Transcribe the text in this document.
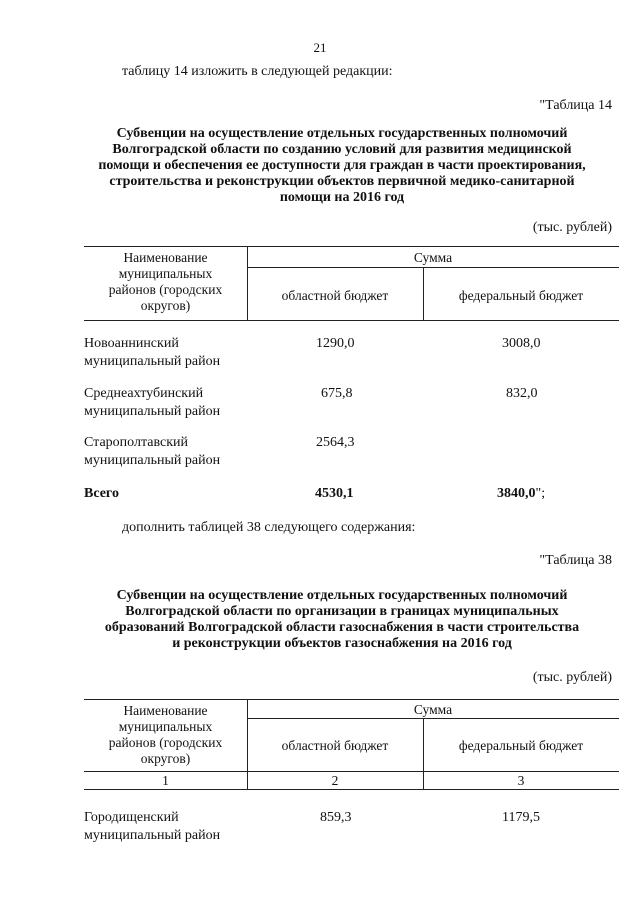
21
таблицу 14 изложить в следующей редакции:
"Таблица 14
Субвенции на осуществление отдельных государственных полномочий
Волгоградской области по созданию условий для развития медицинской
помощи и обеспечения ее доступности для граждан в части проектирования,
строительства и реконструкции объектов первичной медико-санитарной
помощи на 2016 год
(тыс. рублей)
Наименование
муниципальных
районов (городских
округов)
Сумма
областной бюджет	федеральный бюджет
Новоаннинский
муниципальный район
1290,0	3008,0
Среднеахтубинский
муниципальный район
675,8	832,0
Старополтавский
муниципальный район
2564,3
Всего	4530,1	3840,0";
дополнить таблицей 38 следующего содержания:
"Таблица 38
Субвенции на осуществление отдельных государственных полномочий
Волгоградской области по организации в границах муниципальных
образований Волгоградской области газоснабжения в части строительства
и реконструкции объектов газоснабжения на 2016 год
(тыс. рублей)
Наименование
муниципальных
районов (городских
округов)
Сумма
областной бюджет	федеральный бюджет
1	2	3
Городищенский
муниципальный район
859,3	1179,5
